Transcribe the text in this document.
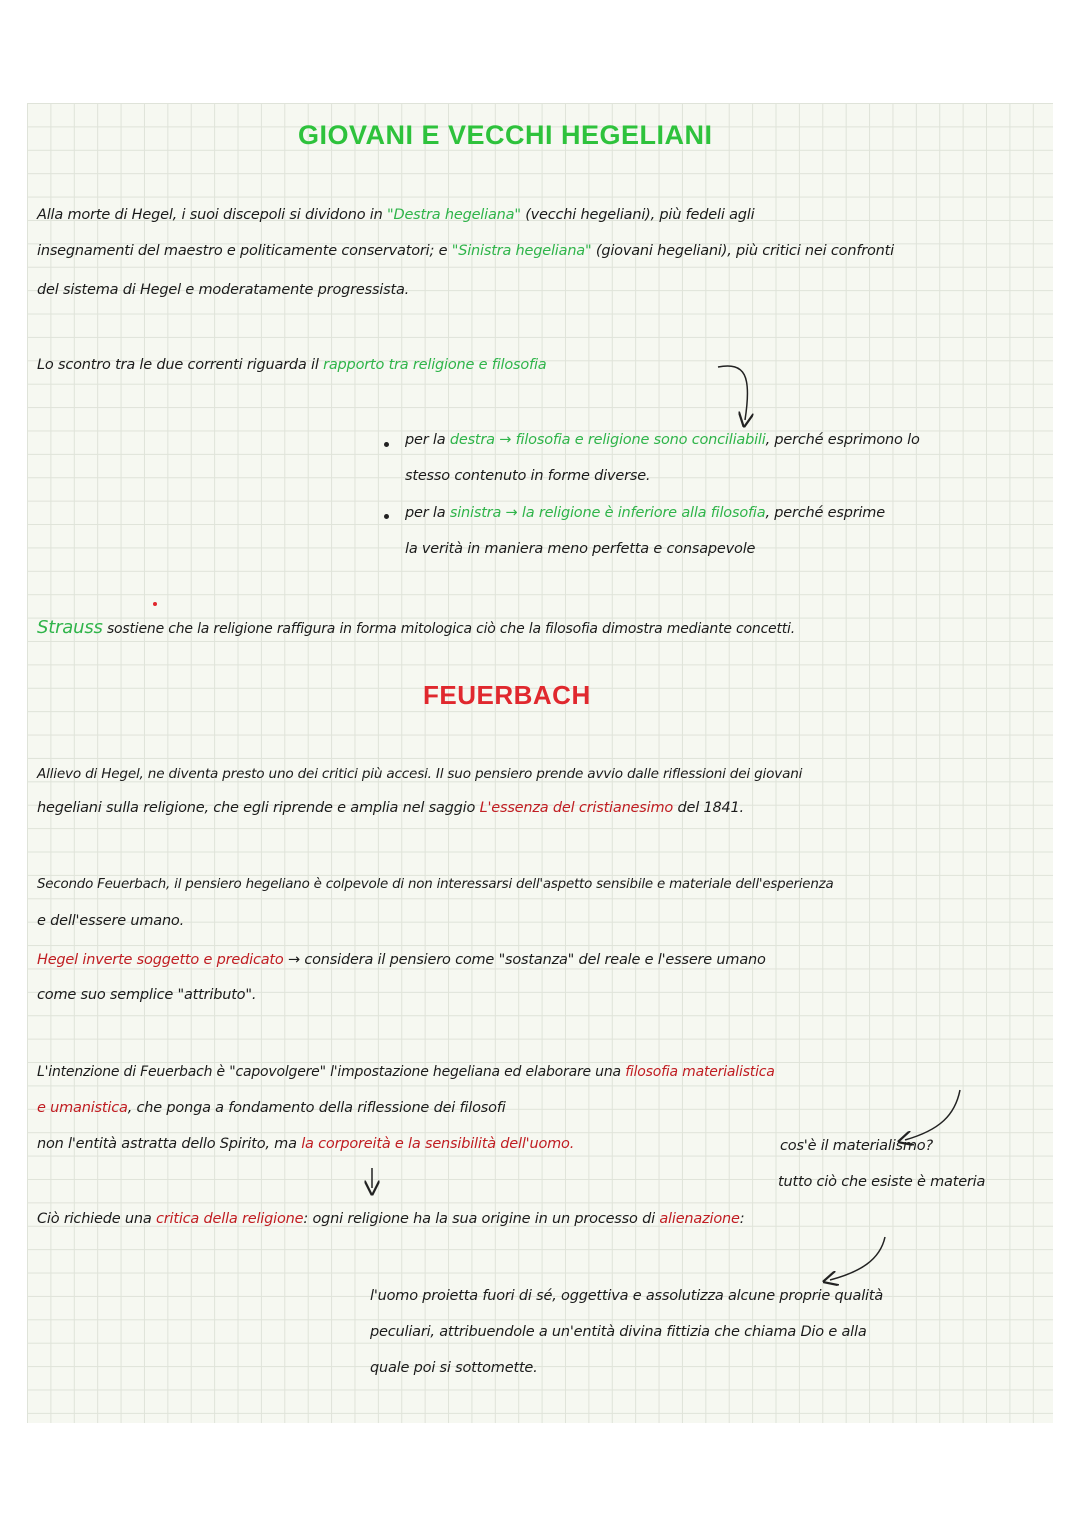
GIOVANI E VECCHI HEGELIANI
Alla morte di Hegel, i suoi discepoli si dividono in "Destra hegeliana" (vecchi hegeliani), più fedeli agli
insegnamenti del maestro e politicamente conservatori; e "Sinistra hegeliana" (giovani hegeliani), più critici nei confronti
del sistema di Hegel e moderatamente progressista.
Lo scontro tra le due correnti riguarda il rapporto tra religione e filosofia
per la destra → filosofia e religione sono conciliabili, perché esprimono lo
stesso contenuto in forme diverse.
per la sinistra → la religione è inferiore alla filosofia, perché esprime
la verità in maniera meno perfetta e consapevole
Strauss sostiene che la religione raffigura in forma mitologica ciò che la filosofia dimostra mediante concetti.
FEUERBACH
Allievo di Hegel, ne diventa presto uno dei critici più accesi. Il suo pensiero prende avvio dalle riflessioni dei giovani
hegeliani sulla religione, che egli riprende e amplia nel saggio L'essenza del cristianesimo del 1841.
Secondo Feuerbach, il pensiero hegeliano è colpevole di non interessarsi dell'aspetto sensibile e materiale dell'esperienza
e dell'essere umano.
Hegel inverte soggetto e predicato → considera il pensiero come "sostanza" del reale e l'essere umano
come suo semplice "attributo".
L'intenzione di Feuerbach è "capovolgere" l'impostazione hegeliana ed elaborare una filosofia materialistica
e umanistica, che ponga a fondamento della riflessione dei filosofi
non l'entità astratta dello Spirito, ma la corporeità e la sensibilità dell'uomo.	cos'è il materialismo?
tutto ciò che esiste è materia
Ciò richiede una critica della religione: ogni religione ha la sua origine in un processo di alienazione:
l'uomo proietta fuori di sé, oggettiva e assolutizza alcune proprie qualità
peculiari, attribuendole a un'entità divina fittizia che chiama Dio e alla
quale poi si sottomette.
